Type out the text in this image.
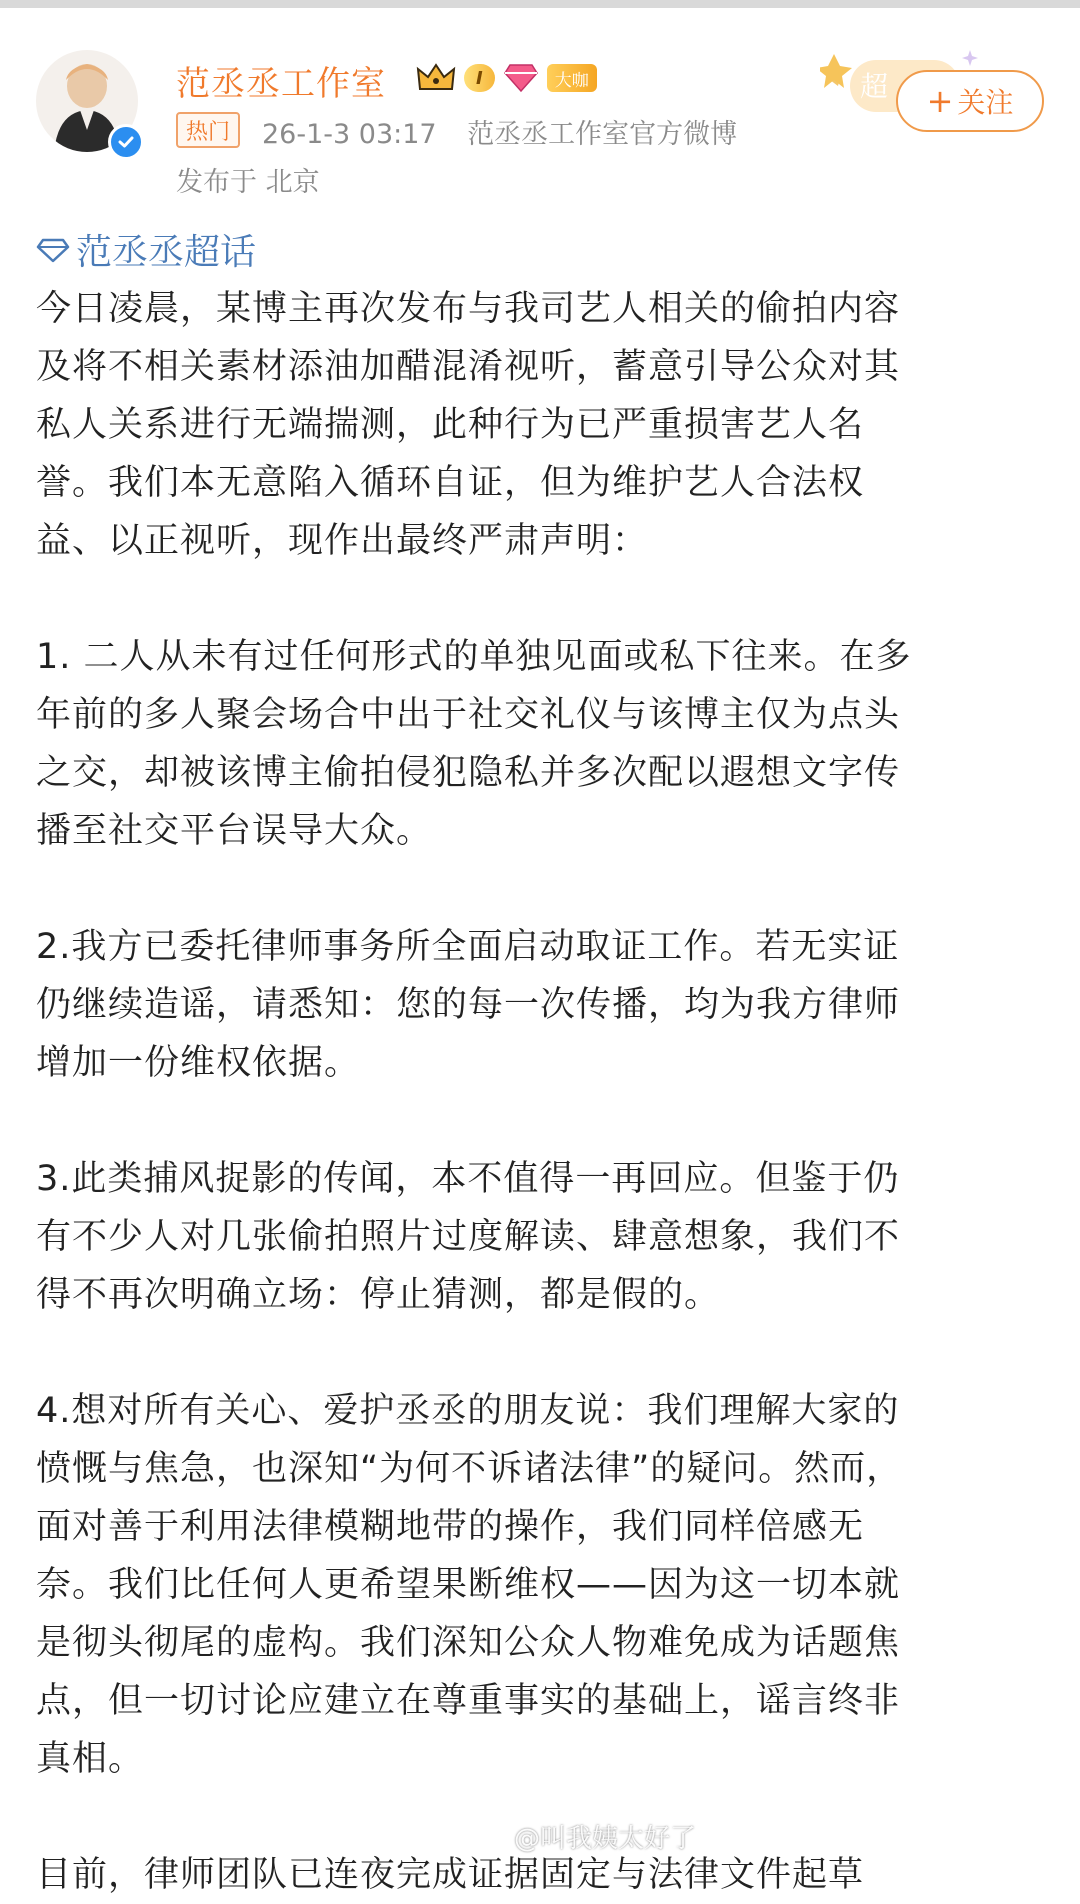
范丞丞工作室	I	大咖
热门	26-1-3 03:17 范丞丞工作室官方微博
发布于 北京
超 + 关注
范丞丞超话

今日凌晨，某博主再次发布与我司艺人相关的偷拍内容
及将不相关素材添油加醋混淆视听，蓄意引导公众对其
私人关系进行无端揣测，此种行为已严重损害艺人名
誉。我们本无意陷入循环自证，但为维护艺人合法权
益、以正视听，现作出最终严肃声明：

1. 二人从未有过任何形式的单独见面或私下往来。在多
年前的多人聚会场合中出于社交礼仪与该博主仅为点头
之交，却被该博主偷拍侵犯隐私并多次配以遐想文字传
播至社交平台误导大众。

2.我方已委托律师事务所全面启动取证工作。若无实证
仍继续造谣，请悉知：您的每一次传播，均为我方律师
增加一份维权依据。

3.此类捕风捉影的传闻，本不值得一再回应。但鉴于仍
有不少人对几张偷拍照片过度解读、肆意想象，我们不
得不再次明确立场：停止猜测，都是假的。

4.想对所有关心、爱护丞丞的朋友说：我们理解大家的
愤慨与焦急，也深知“为何不诉诸法律”的疑问。然而，
面对善于利用法律模糊地带的操作，我们同样倍感无
奈。我们比任何人更希望果断维权——因为这一切本就
是彻头彻尾的虚构。我们深知公众人物难免成为话题焦
点，但一切讨论应建立在尊重事实的基础上，谣言终非
真相。

目前，律师团队已连夜完成证据固定与法律文件起草

@叫我姨太好了
